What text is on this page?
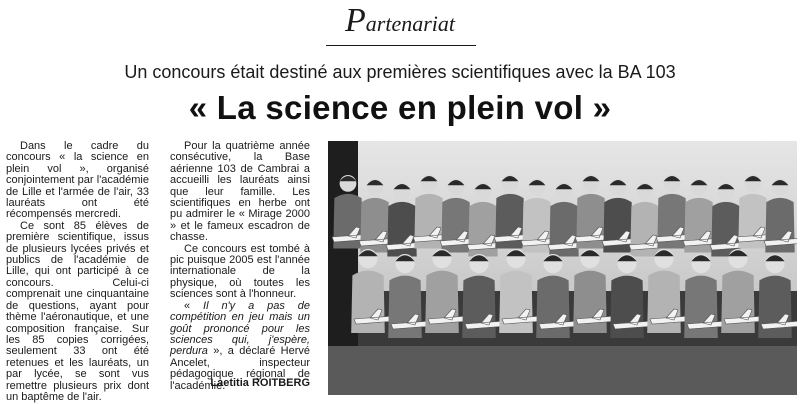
Partenariat
Un concours était destiné aux premières scientifiques avec la BA 103
« La science en plein vol »

Dans le cadre du concours « la science en plein vol », organisé conjointement par l'académie de Lille et l'armée de l'air, 33 lauréats ont été récompensés mercredi.

Ce sont 85 élèves de première scientifique, issus de plusieurs lycées privés et publics de l'académie de Lille, qui ont participé à ce concours. Celui-ci comprenait une cinquantaine de questions, ayant pour thème l'aéronautique, et une composition française. Sur les 85 copies corrigées, seulement 33 ont été retenues et les lauréats, un par lycée, se sont vus remettre plusieurs prix dont un baptême de l'air.

Pour la quatrième année consécutive, la Base aérienne 103 de Cambrai a accueilli les lauréats ainsi que leur famille. Les scientifiques en herbe ont pu admirer le « Mirage 2000 » et le fameux escadron de chasse.

Ce concours est tombé à pic puisque 2005 est l'année internationale de la physique, où toutes les sciences sont à l'honneur.

« Il n'y a pas de compétition en jeu mais un goût prononcé pour les sciences qui, j'espère, perdura », a déclaré Hervé Ancelet, inspecteur pédagogique régional de l'académie.

Laetitia ROITBERG
